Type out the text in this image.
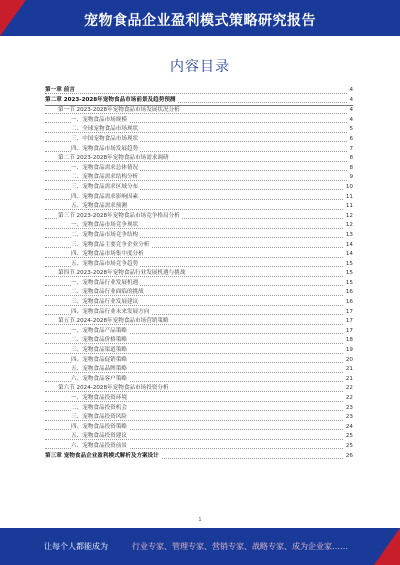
宠物食品企业盈利模式策略研究报告
内容目录
第一章 前言	4
第二章 2023-2028年宠物食品市场前景及趋势预测	4
第一节 2023-2028年宠物食品市场发展状况分析	4
一、宠物食品市场规模	4
二、全球宠物食品市场现状	5
三、中国宠物食品市场现状	6
四、宠物食品市场发展趋势	7
第二节 2023-2028年宠物食品市场需求调研	8
一、宠物食品需求总体情况	8
二、宠物食品需求结构分析	9
三、宠物食品需求区域分布	10
四、宠物食品需求影响因素	11
五、宠物食品需求预测	11
第三节 2023-2028年宠物食品市场竞争格局分析	12
一、宠物食品市场竞争现状	12
二、宠物食品市场竞争结构	13
三、宠物食品主要竞争企业分析	14
四、宠物食品市场集中度分析	14
五、宠物食品市场竞争趋势	15
第四节 2023-2028年宠物食品行业发展机遇与挑战	15
一、宠物食品行业发展机遇	15
二、宠物食品行业面临的挑战	16
三、宠物食品行业发展建议	16
四、宠物食品行业未来发展方向	17
第五节 2024-2028年宠物食品市场营销策略	17
一、宠物食品产品策略	17
二、宠物食品价格策略	18
三、宠物食品渠道策略	19
四、宠物食品促销策略	20
五、宠物食品品牌策略	21
六、宠物食品客户策略	21
第六节 2024-2028年宠物食品市场投资分析	22
一、宠物食品投资环境	22
二、宠物食品投资机会	23
三、宠物食品投资风险	23
四、宠物食品投资策略	24
五、宠物食品投资建议	25
六、宠物食品投资前景	25
第三章 宠物食品企业盈利模式解析及方案设计	26
1
让每个人都能成为	行业专家、管理专家、营销专家、战略专家、成为企业家……
